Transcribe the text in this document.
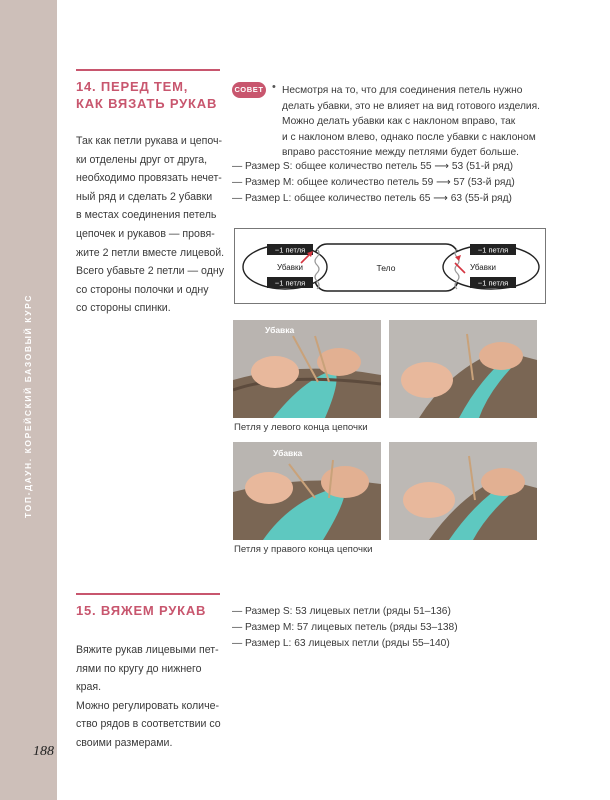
ТОП-ДАУН. КОРЕЙСКИЙ БАЗОВЫЙ КУРС
188
14. ПЕРЕД ТЕМ,
КАК ВЯЗАТЬ РУКАВ
Так как петли рукава и цепоч-
ки отделены друг от друга,
необходимо провязать нечет-
ный ряд и сделать 2 убавки
в местах соединения петель
цепочек и рукавов — провя-
жите 2 петли вместе лицевой.
Всего убавьте 2 петли — одну
со стороны полочки и одну
со стороны спинки.
СОВЕТ • Несмотря на то, что для соединения петель нужно
делать убавки, это не влияет на вид готового изделия.
Можно делать убавки как с наклоном вправо, так
и с наклоном влево, однако после убавки с наклоном
вправо расстояние между петлями будет больше.
— Размер S: общее количество петель 55 ⟶ 53 (51-й ряд)
— Размер M: общее количество петель 59 ⟶ 57 (53-й ряд)
— Размер L: общее количество петель 65 ⟶ 63 (55-й ряд)
−1 петля
Убавки
−1 петля
−1 петля
Убавки
−1 петля
Тело
Убавка
Петля у левого конца цепочки
Убавка
Петля у правого конца цепочки
15. ВЯЖЕМ РУКАВ
Вяжите рукав лицевыми пет-
лями по кругу до нижнего
края.
Можно регулировать количе-
ство рядов в соответствии со
своими размерами.
— Размер S: 53 лицевых петли (ряды 51–136)
— Размер M: 57 лицевых петель (ряды 53–138)
— Размер L: 63 лицевых петли (ряды 55–140)
